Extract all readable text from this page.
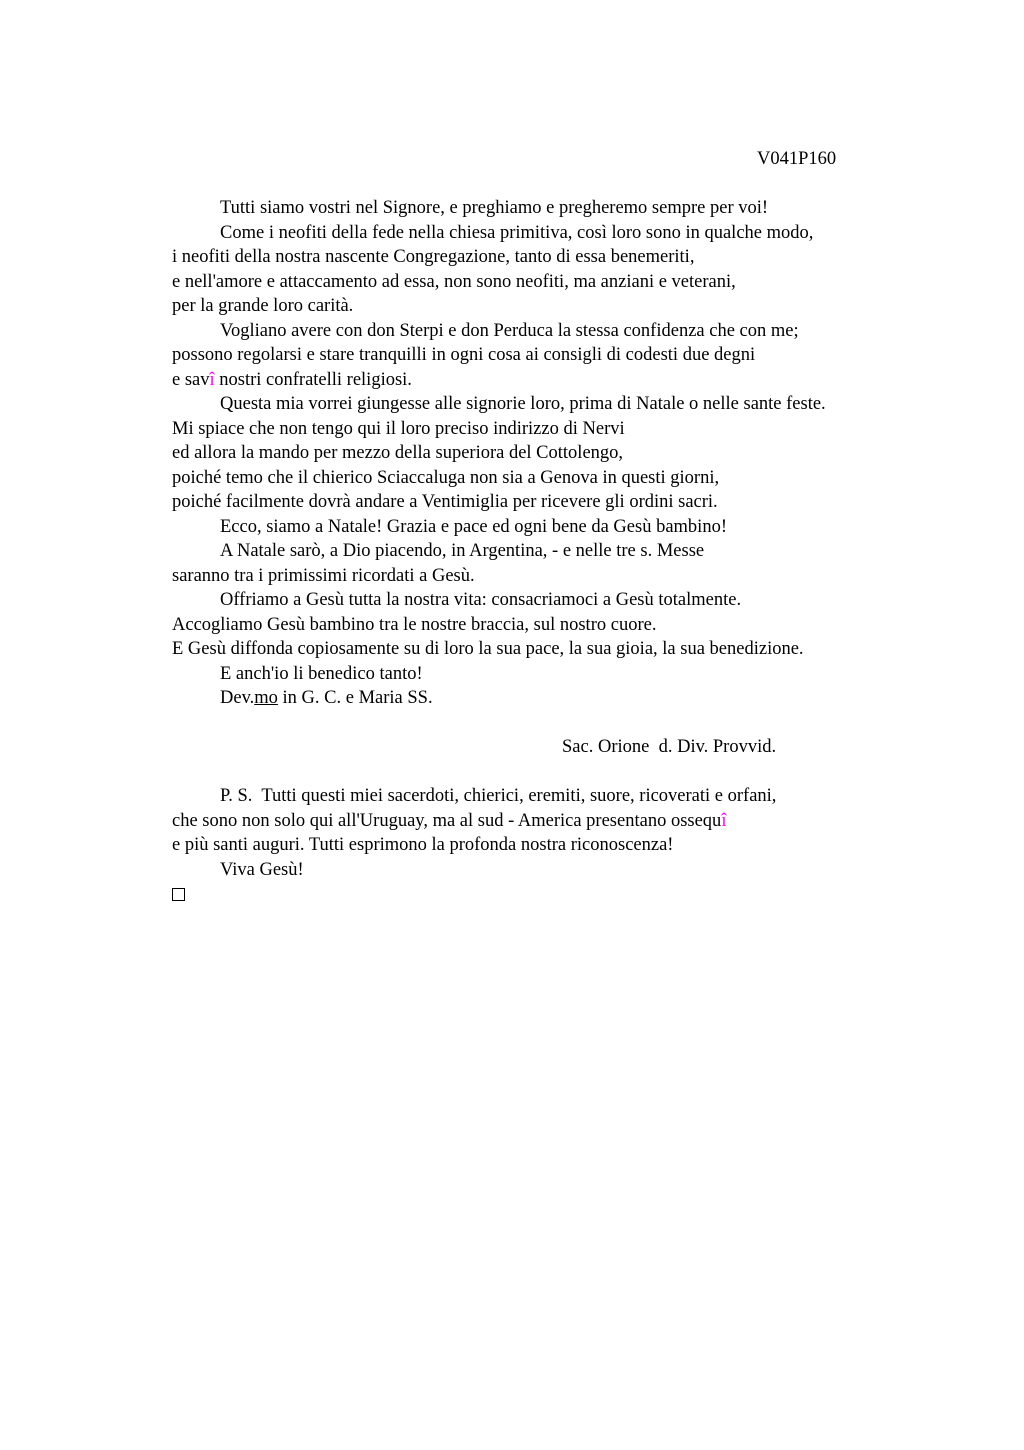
V041P160
Tutti siamo vostri nel Signore, e preghiamo e pregheremo sempre per voi!
Come i neofiti della fede nella chiesa primitiva, così loro sono in qualche modo,
i neofiti della nostra nascente Congregazione, tanto di essa benemeriti,
e nell'amore e attaccamento ad essa, non sono neofiti, ma anziani e veterani,
per la grande loro carità.
Vogliano avere con don Sterpi e don Perduca la stessa confidenza che con me;
possono regolarsi e stare tranquilli in ogni cosa ai consigli di codesti due degni
e savî nostri confratelli religiosi.
Questa mia vorrei giungesse alle signorie loro, prima di Natale o nelle sante feste.
Mi spiace che non tengo qui il loro preciso indirizzo di Nervi
ed allora la mando per mezzo della superiora del Cottolengo,
poiché temo che il chierico Sciaccaluga non sia a Genova in questi giorni,
poiché facilmente dovrà andare a Ventimiglia per ricevere gli ordini sacri.
Ecco, siamo a Natale! Grazia e pace ed ogni bene da Gesù bambino!
A Natale sarò, a Dio piacendo, in Argentina, - e nelle tre s. Messe
saranno tra i primissimi ricordati a Gesù.
Offriamo a Gesù tutta la nostra vita: consacriamoci a Gesù totalmente.
Accogliamo Gesù bambino tra le nostre braccia, sul nostro cuore.
E Gesù diffonda copiosamente su di loro la sua pace, la sua gioia, la sua benedizione.
E anch'io li benedico tanto!
Dev.mo in G. C. e Maria SS.
Sac. Orione  d. Div. Provvid.
P. S.  Tutti questi miei sacerdoti, chierici, eremiti, suore, ricoverati e orfani,
che sono non solo qui all'Uruguay, ma al sud - America presentano ossequî
e più santi auguri. Tutti esprimono la profonda nostra riconoscenza!
Viva Gesù!
